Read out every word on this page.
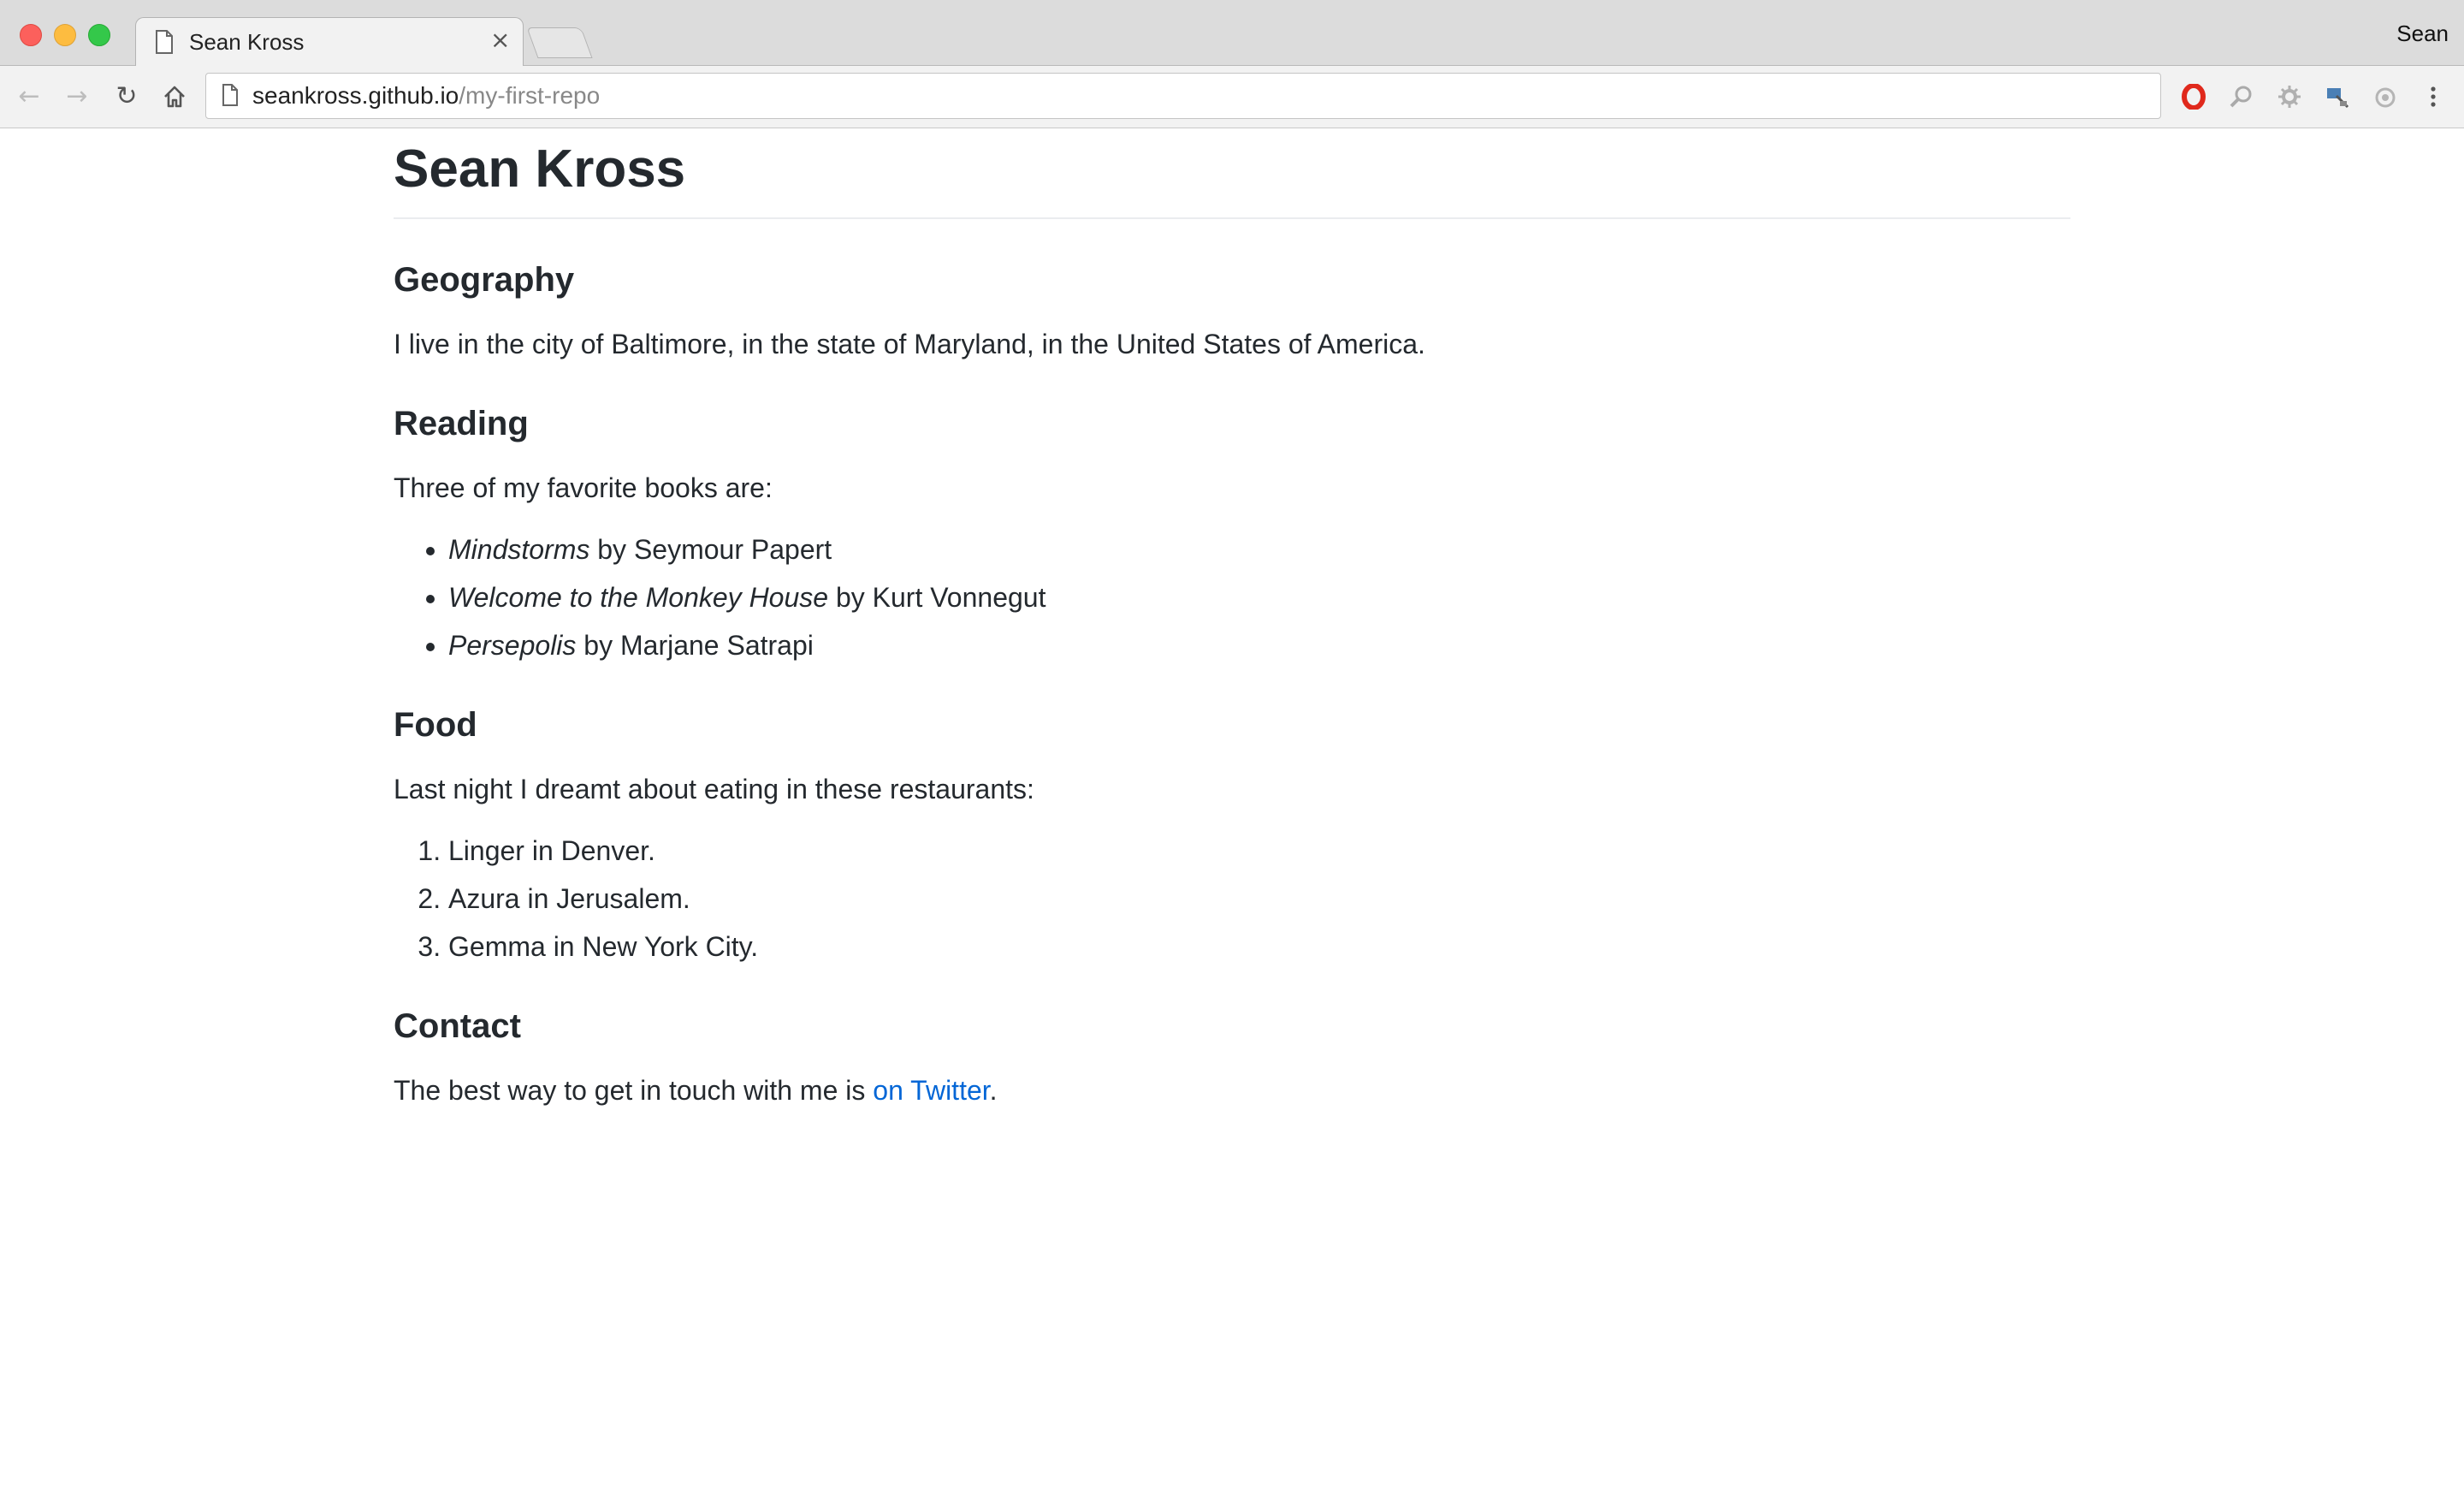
Sean Kross	×	Sean
← → ↻	seankross.github.io/my-first-repo
Sean Kross
Geography

I live in the city of Baltimore, in the state of Maryland, in the United States of America.

Reading

Three of my favorite books are:

• Mindstorms by Seymour Papert
• Welcome to the Monkey House by Kurt Vonnegut
• Persepolis by Marjane Satrapi
Food

Last night I dreamt about eating in these restaurants:

1. Linger in Denver.
2. Azura in Jerusalem.
3. Gemma in New York City.
Contact

The best way to get in touch with me is on Twitter.
